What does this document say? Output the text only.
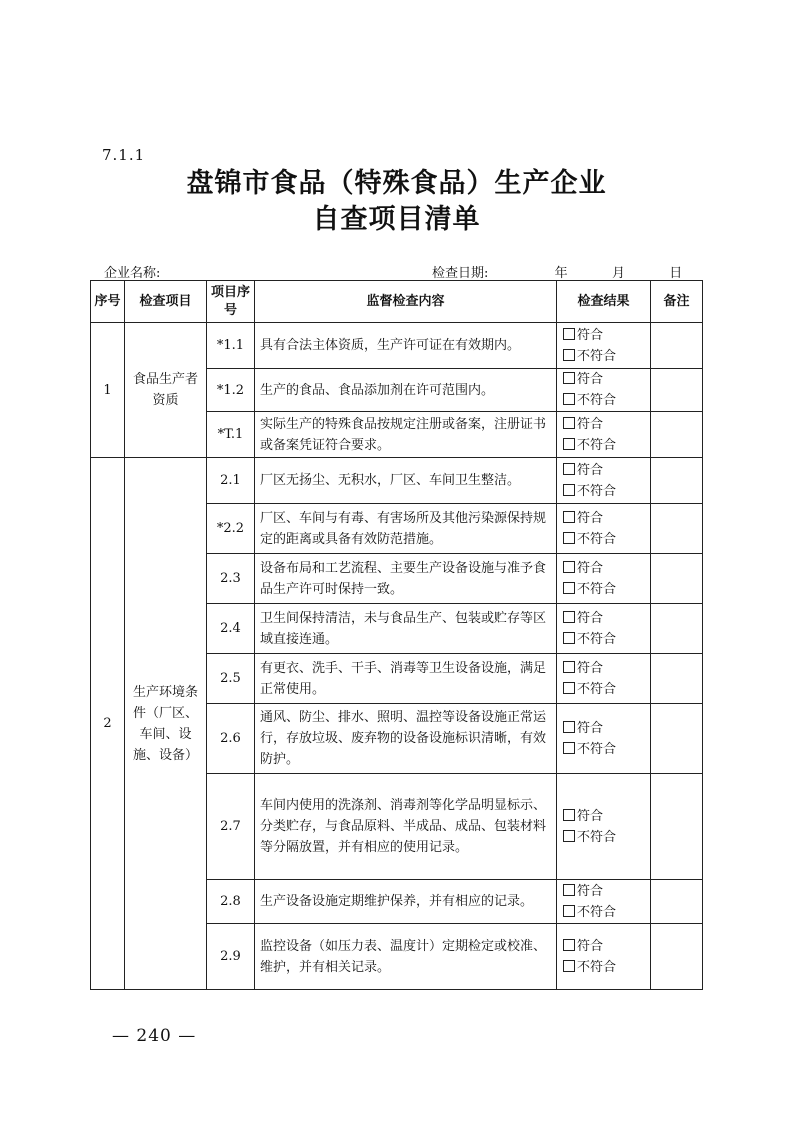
7.1.1
盘锦市食品（特殊食品）生产企业
自查项目清单
企业名称:	检查日期:	年	月	日
序号	检查项目	项目序号	监督检查内容	检查结果	备注
1	食品生产者资质	*1.1	具有合法主体资质，生产许可证在有效期内。	符合
不符合	

		*1.2	生产的食品、食品添加剂在许可范围内。	符合
不符合	

		*T.1	实际生产的特殊食品按规定注册或备案，注册证书或备案凭证符合要求。	符合
不符合	

2	生产环境条件（厂区、车间、设施、设备）	2.1	厂区无扬尘、无积水，厂区、车间卫生整洁。	符合
不符合	

		*2.2	厂区、车间与有毒、有害场所及其他污染源保持规定的距离或具备有效防范措施。	符合
不符合	

		2.3	设备布局和工艺流程、主要生产设备设施与准予食品生产许可时保持一致。	符合
不符合	

		2.4	卫生间保持清洁，未与食品生产、包装或贮存等区域直接连通。	符合
不符合	

		2.5	有更衣、洗手、干手、消毒等卫生设备设施，满足正常使用。	符合
不符合	

		2.6	通风、防尘、排水、照明、温控等设备设施正常运行，存放垃圾、废弃物的设备设施标识清晰，有效防护。	符合
不符合	

		2.7	车间内使用的洗涤剂、消毒剂等化学品明显标示、分类贮存，与食品原料、半成品、成品、包装材料等分隔放置，并有相应的使用记录。	符合
不符合	

		2.8	生产设备设施定期维护保养，并有相应的记录。	符合
不符合	

		2.9	监控设备（如压力表、温度计）定期检定或校准、维护，并有相关记录。	符合
不符合	

— 240 —
